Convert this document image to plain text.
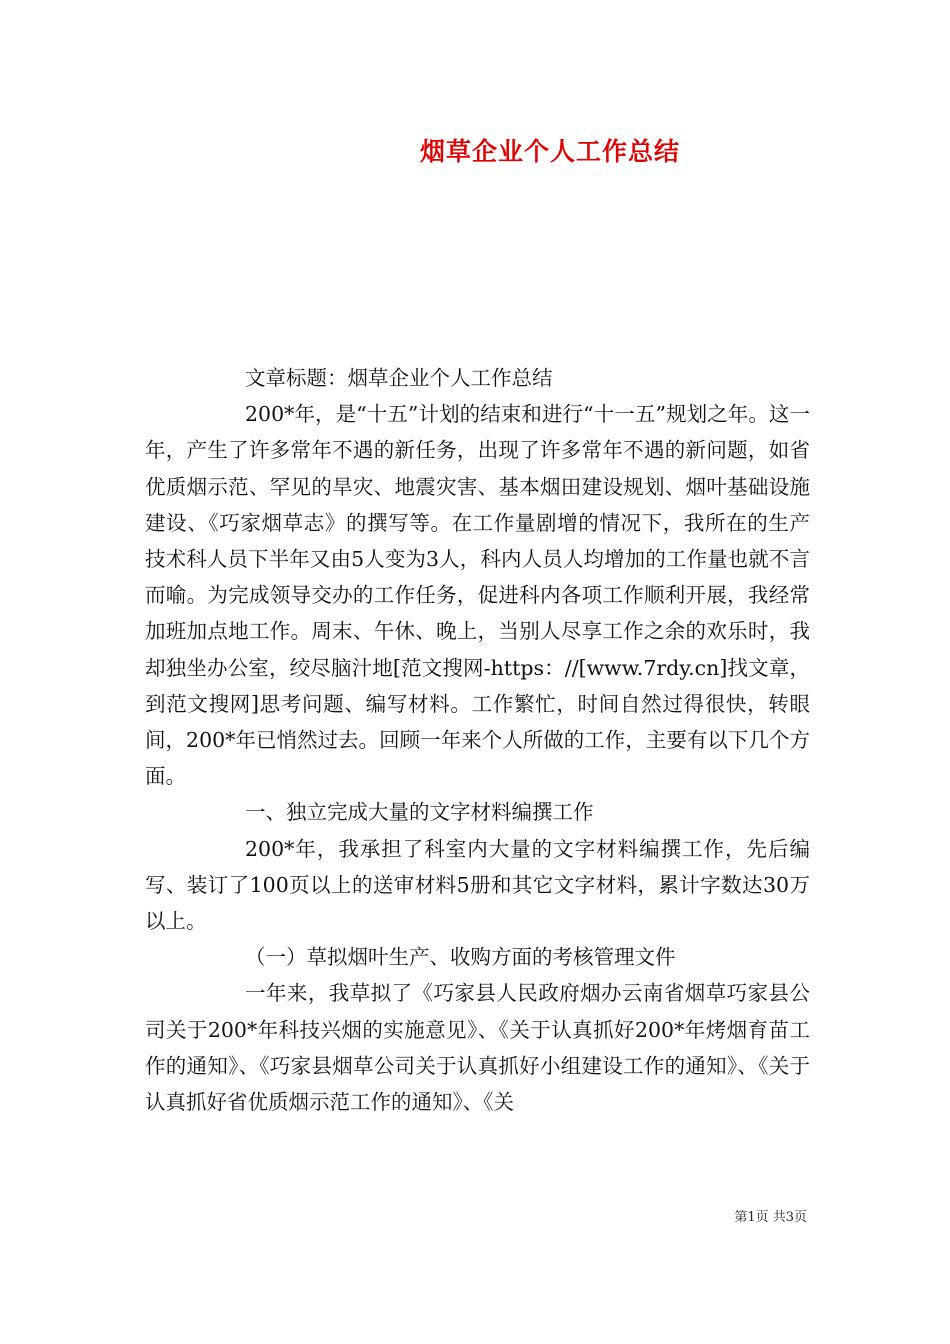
烟草企业个人工作总结

文章标题：烟草企业个人工作总结

200*年，是“十五”计划的结束和进行“十一五”规划之年。这一年，产生了许多常年不遇的新任务，出现了许多常年不遇的新问题，如省优质烟示范、罕见的旱灾、地震灾害、基本烟田建设规划、烟叶基础设施建设、《巧家烟草志》的撰写等。在工作量剧增的情况下，我所在的生产技术科人员下半年又由5人变为3人，科内人员人均增加的工作量也就不言而喻。为完成领导交办的工作任务，促进科内各项工作顺利开展，我经常加班加点地工作。周末、午休、晚上，当别人尽享工作之余的欢乐时，我却独坐办公室，绞尽脑汁地[范文搜网-https：//[www.7rdy.cn]找文章，到范文搜网]思考问题、编写材料。工作繁忙，时间自然过得很快，转眼间，200*年已悄然过去。回顾一年来个人所做的工作，主要有以下几个方面。

一、独立完成大量的文字材料编撰工作

200*年，我承担了科室内大量的文字材料编撰工作，先后编写、装订了100页以上的送审材料5册和其它文字材料，累计字数达30万以上。

（一）草拟烟叶生产、收购方面的考核管理文件

一年来，我草拟了《巧家县人民政府烟办云南省烟草巧家县公司关于200*年科技兴烟的实施意见》、《关于认真抓好200*年烤烟育苗工作的通知》、《巧家县烟草公司关于认真抓好小组建设工作的通知》、《关于认真抓好省优质烟示范工作的通知》、《关

第1页 共3页
